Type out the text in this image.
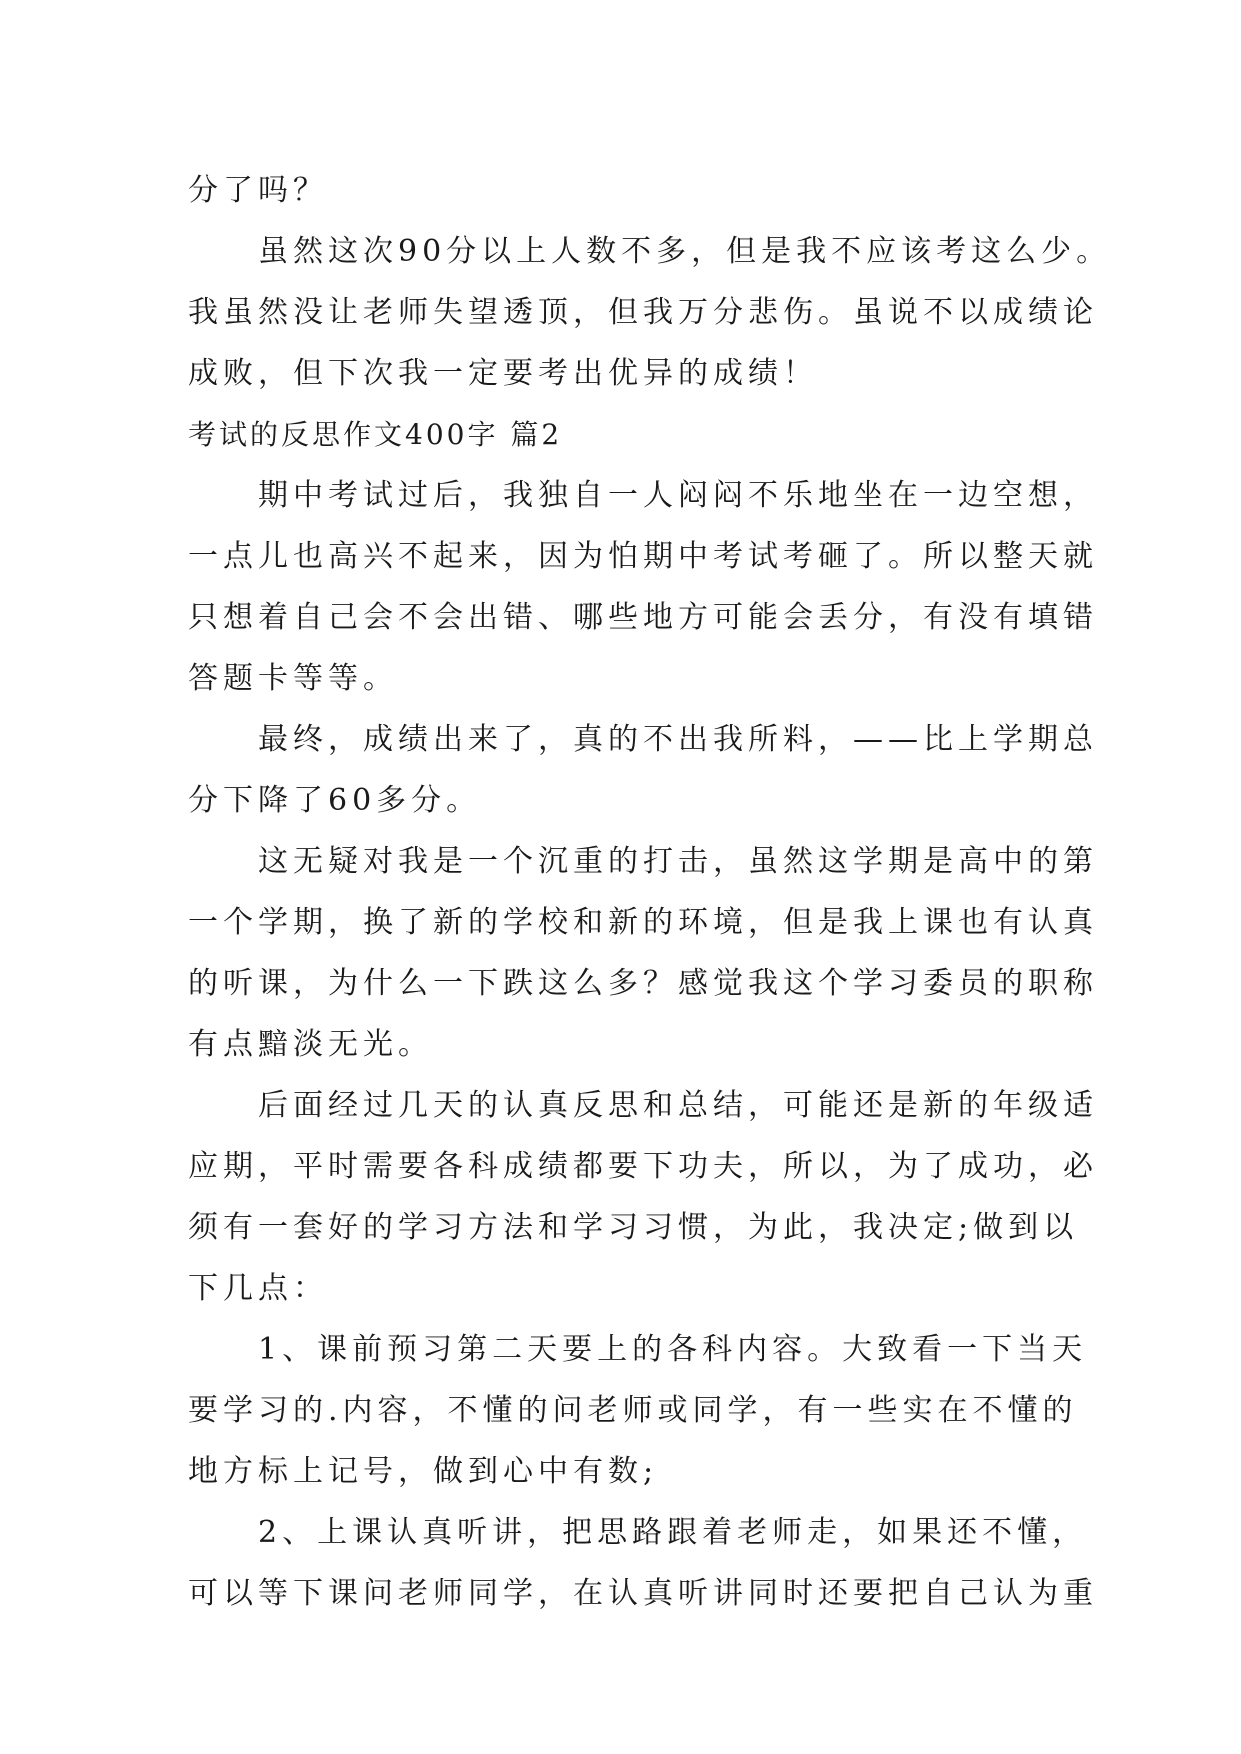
分了吗？
虽然这次90分以上人数不多，但是我不应该考这么少。
我虽然没让老师失望透顶，但我万分悲伤。虽说不以成绩论
成败，但下次我一定要考出优异的成绩！
考试的反思作文400字 篇2
期中考试过后，我独自一人闷闷不乐地坐在一边空想，
一点儿也高兴不起来，因为怕期中考试考砸了。所以整天就
只想着自己会不会出错、哪些地方可能会丢分，有没有填错
答题卡等等。
最终，成绩出来了，真的不出我所料，——比上学期总
分下降了60多分。
这无疑对我是一个沉重的打击，虽然这学期是高中的第
一个学期，换了新的学校和新的环境，但是我上课也有认真
的听课，为什么一下跌这么多？感觉我这个学习委员的职称
有点黯淡无光。
后面经过几天的认真反思和总结，可能还是新的年级适
应期，平时需要各科成绩都要下功夫，所以，为了成功，必
须有一套好的学习方法和学习习惯，为此，我决定;做到以
下几点：
1、课前预习第二天要上的各科内容。大致看一下当天
要学习的.内容，不懂的问老师或同学，有一些实在不懂的
地方标上记号，做到心中有数;
2、上课认真听讲，把思路跟着老师走，如果还不懂，
可以等下课问老师同学，在认真听讲同时还要把自己认为重
